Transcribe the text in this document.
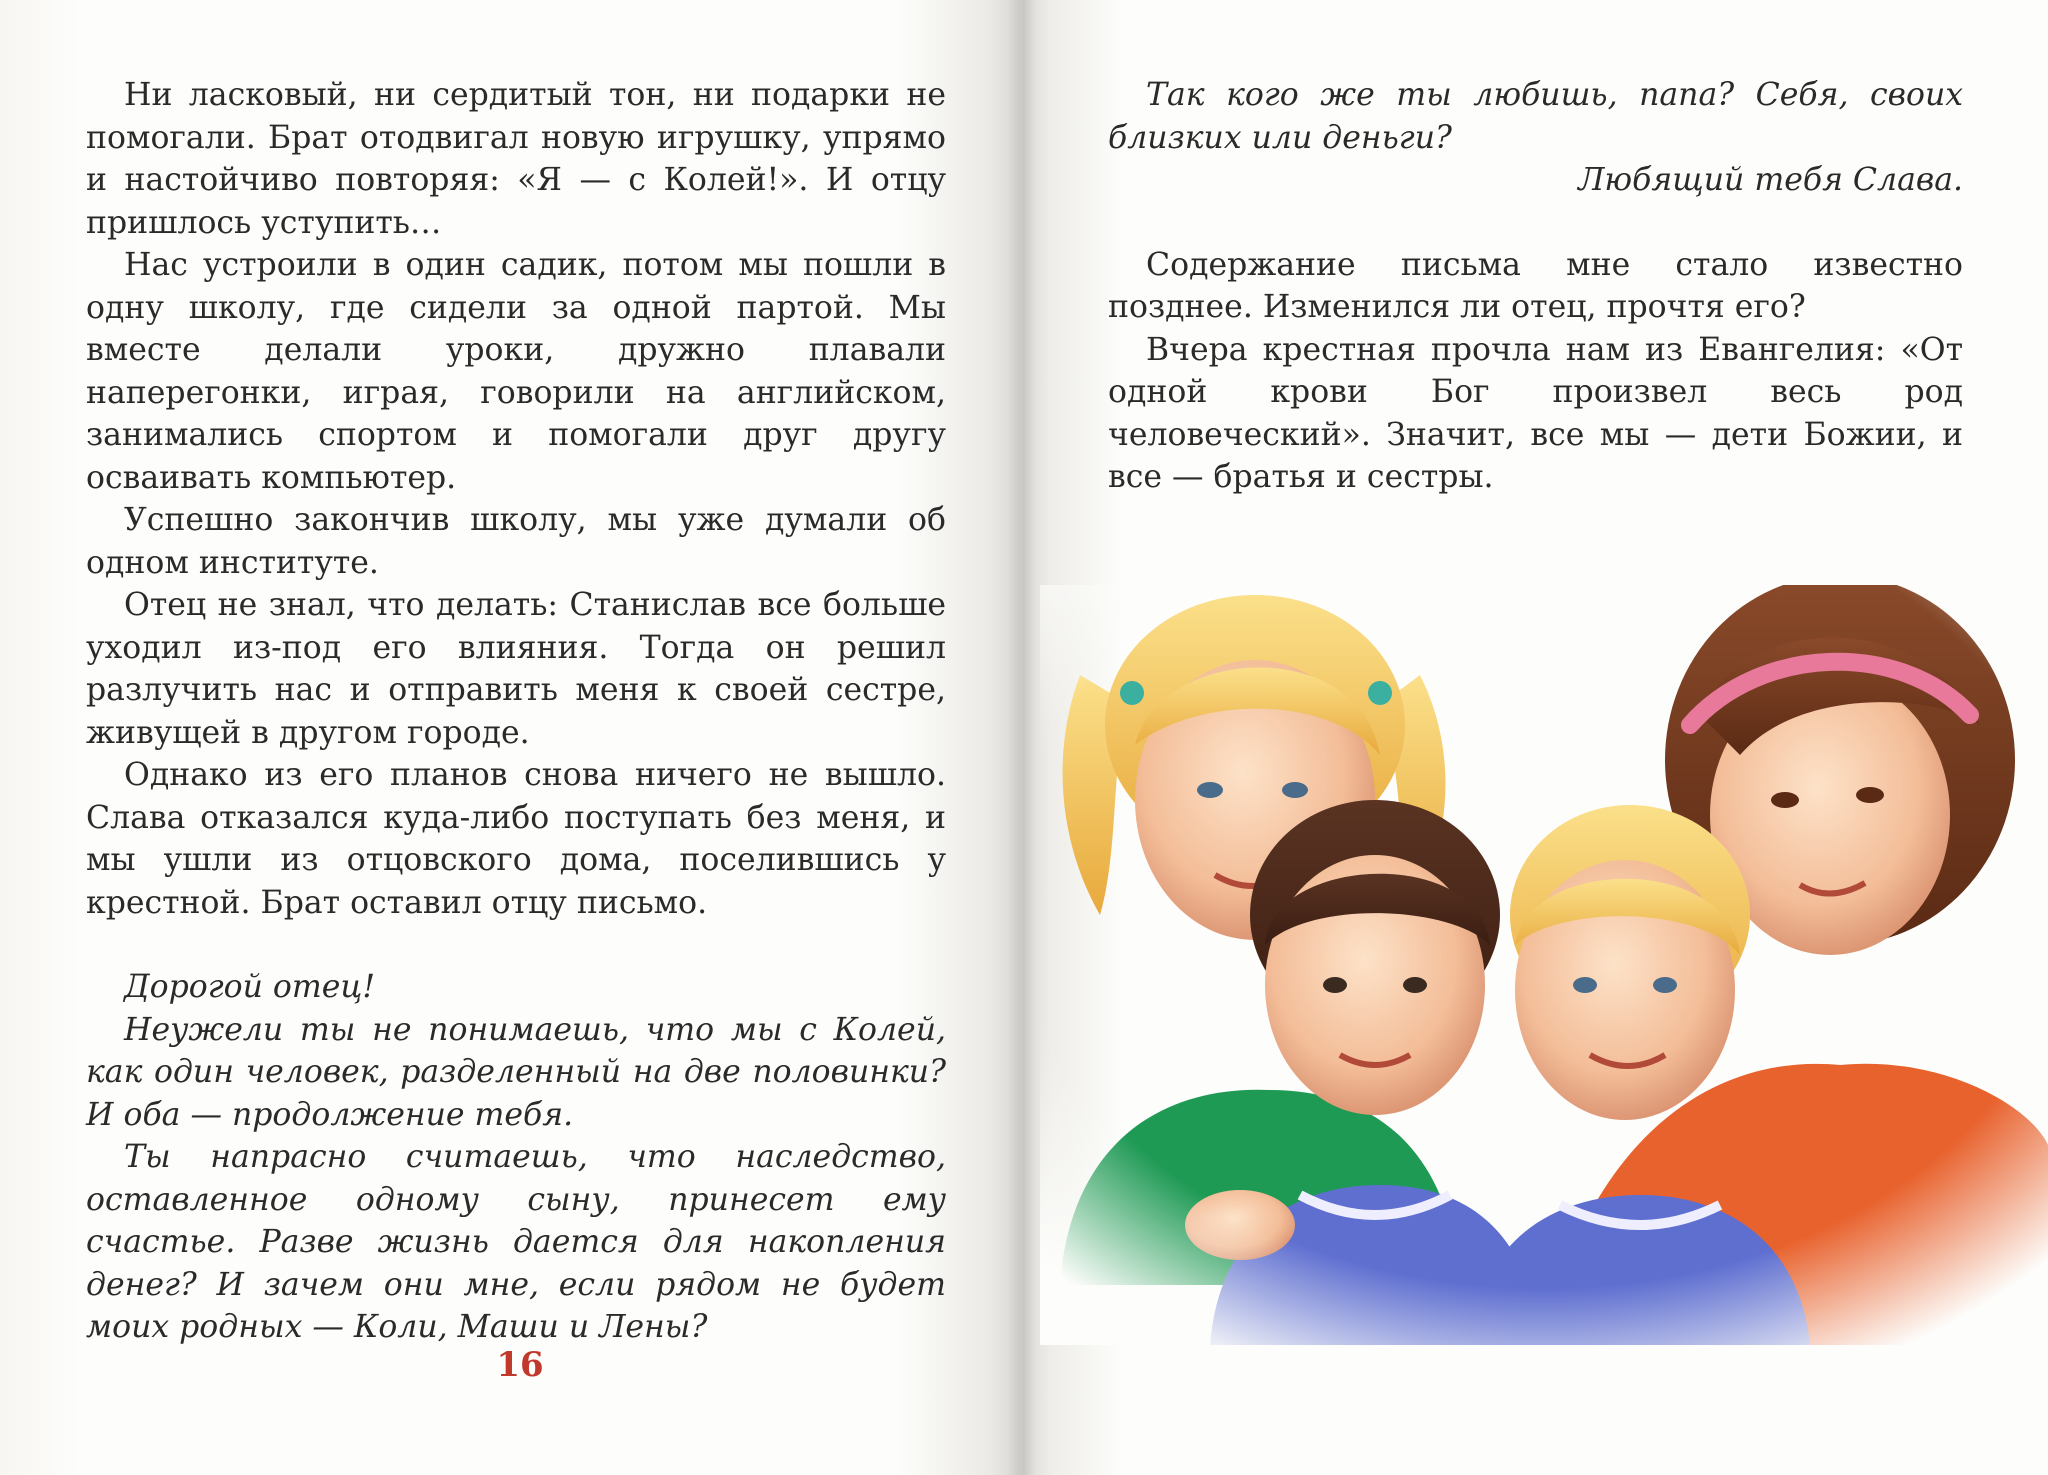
Ни ласковый, ни сердитый тон, ни подарки не помогали. Брат отодвигал новую игрушку, упрямо и настойчиво повторяя: «Я — с Колей!». И отцу пришлось уступить…

Нас устроили в один садик, потом мы пошли в одну школу, где сидели за одной партой. Мы вместе делали уроки, дружно плавали наперегонки, играя, говорили на английском, занимались спортом и помогали друг другу осваивать компьютер.

Успешно закончив школу, мы уже думали об одном институте.

Отец не знал, что делать: Станислав все больше уходил из-под его влияния. Тогда он решил разлучить нас и отправить меня к своей сестре, живущей в другом городе.

Однако из его планов снова ничего не вышло. Слава отказался куда-либо поступать без меня, и мы ушли из отцовского дома, поселившись у крестной. Брат оставил отцу письмо.

Дорогой отец!

Неужели ты не понимаешь, что мы с Колей, как один человек, разделенный на две половинки? И оба — продолжение тебя.

Ты напрасно считаешь, что наследство, оставленное одному сыну, принесет ему счастье. Разве жизнь дается для накопления денег? И зачем они мне, если рядом не будет моих родных — Коли, Маши и Лены?

16

Так кого же ты любишь, папа? Себя, своих близких или деньги?

Любящий тебя Слава.

Содержание письма мне стало известно позднее. Изменился ли отец, прочтя его?

Вчера крестная прочла нам из Евангелия: «От одной крови Бог произвел весь род человеческий». Значит, все мы — дети Божии, и все — братья и сестры.
